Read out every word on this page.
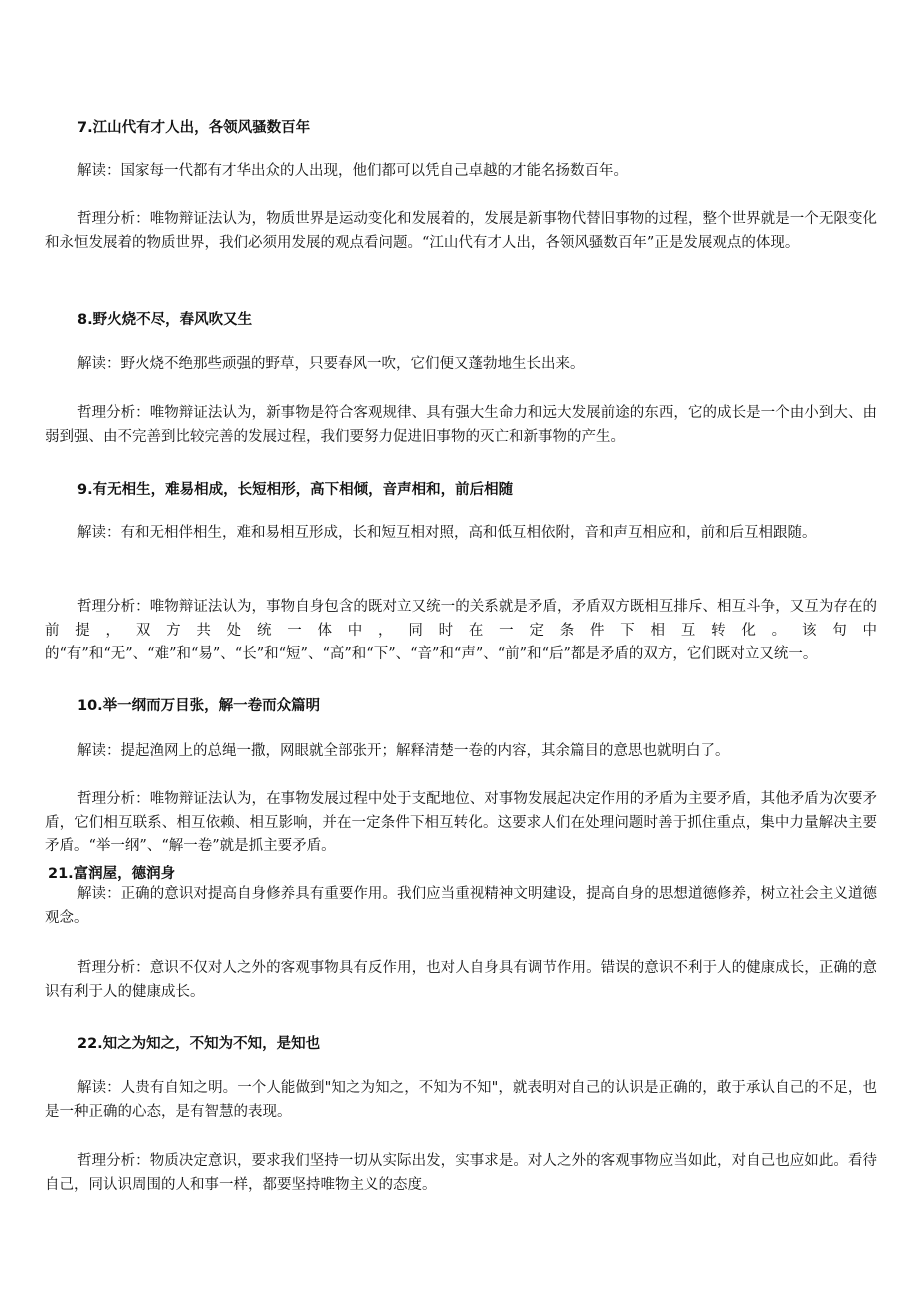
7.江山代有才人出，各领风骚数百年

解读：国家每一代都有才华出众的人出现，他们都可以凭自己卓越的才能名扬数百年。

哲理分析：唯物辩证法认为，物质世界是运动变化和发展着的，发展是新事物代替旧事物的过程，整个世界就是一个无限变化和永恒发展着的物质世界，我们必须用发展的观点看问题。“江山代有才人出，各领风骚数百年”正是发展观点的体现。

8.野火烧不尽，春风吹又生

解读：野火烧不绝那些顽强的野草，只要春风一吹，它们便又蓬勃地生长出来。

哲理分析：唯物辩证法认为，新事物是符合客观规律、具有强大生命力和远大发展前途的东西，它的成长是一个由小到大、由弱到强、由不完善到比较完善的发展过程，我们要努力促进旧事物的灭亡和新事物的产生。

9.有无相生，难易相成，长短相形，高下相倾，音声相和，前后相随

解读：有和无相伴相生，难和易相互形成，长和短互相对照，高和低互相依附，音和声互相应和，前和后互相跟随。

哲理分析：唯物辩证法认为，事物自身包含的既对立又统一的关系就是矛盾，矛盾双方既相互排斥、相互斗争，又互为存在的前提，双方共处统一体中，同时在一定条件下相互转化。该句中的“有”和“无”、“难”和“易”、“长”和“短”、“高”和“下”、“音”和“声”、“前”和“后”都是矛盾的双方，它们既对立又统一。

10.举一纲而万目张，解一卷而众篇明

解读：提起渔网上的总绳一撒，网眼就全部张开；解释清楚一卷的内容，其余篇目的意思也就明白了。

哲理分析：唯物辩证法认为，在事物发展过程中处于支配地位、对事物发展起决定作用的矛盾为主要矛盾，其他矛盾为次要矛盾，它们相互联系、相互依赖、相互影响，并在一定条件下相互转化。这要求人们在处理问题时善于抓住重点，集中力量解决主要矛盾。“举一纲”、“解一卷”就是抓主要矛盾。

21.富润屋，德润身

解读：正确的意识对提高自身修养具有重要作用。我们应当重视精神文明建设，提高自身的思想道德修养，树立社会主义道德观念。

哲理分析：意识不仅对人之外的客观事物具有反作用，也对人自身具有调节作用。错误的意识不利于人的健康成长，正确的意识有利于人的健康成长。

22.知之为知之，不知为不知，是知也

解读：人贵有自知之明。一个人能做到"知之为知之，不知为不知"，就表明对自己的认识是正确的，敢于承认自己的不足，也是一种正确的心态，是有智慧的表现。

哲理分析：物质决定意识，要求我们坚持一切从实际出发，实事求是。对人之外的客观事物应当如此，对自己也应如此。看待自己，同认识周围的人和事一样，都要坚持唯物主义的态度。
